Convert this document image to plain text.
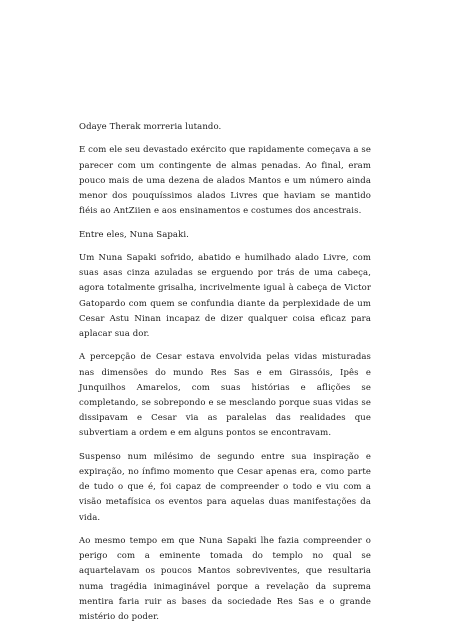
Odaye Therak morreria lutando.

E com ele seu devastado exército que rapidamente começava a se parecer com um contingente de almas penadas. Ao final, eram pouco mais de uma dezena de alados Mantos e um número ainda menor dos pouquíssimos alados Livres que haviam se mantido fiéis ao AntZiien e aos ensinamentos e costumes dos ancestrais.

Entre eles, Nuna Sapaki.

Um Nuna Sapaki sofrido, abatido e humilhado alado Livre, com suas asas cinza azuladas se erguendo por trás de uma cabeça, agora totalmente grisalha, incrivelmente igual à cabeça de Victor Gatopardo com quem se confundia diante da perplexidade de um Cesar Astu Ninan incapaz de dizer qualquer coisa eficaz para aplacar sua dor.

A percepção de Cesar estava envolvida pelas vidas misturadas nas dimensões do mundo Res Sas e em Girassóis, Ipês e Junquilhos Amarelos, com suas histórias e aflições se completando, se sobrepondo e se mesclando porque suas vidas se dissipavam e Cesar via as paralelas das realidades que subvertiam a ordem e em alguns pontos se encontravam.

Suspenso num milésimo de segundo entre sua inspiração e expiração, no ínfimo momento que Cesar apenas era, como parte de tudo o que é, foi capaz de compreender o todo e viu com a visão metafísica os eventos para aquelas duas manifestações da vida.

Ao mesmo tempo em que Nuna Sapaki lhe fazia compreender o perigo com a eminente tomada do templo no qual se aquartelavam os poucos Mantos sobreviventes, que resultaria numa tragédia inimaginável porque a revelação da suprema mentira faria ruir as bases da sociedade Res Sas e o grande mistério do poder.
